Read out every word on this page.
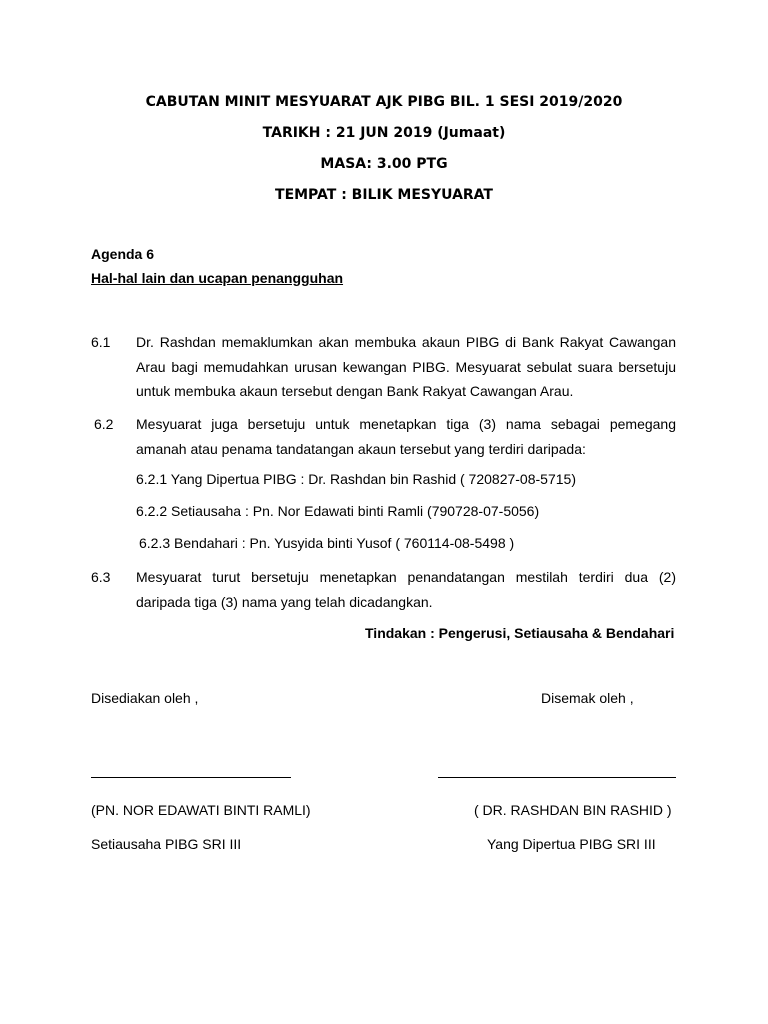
CABUTAN MINIT MESYUARAT AJK PIBG BIL. 1 SESI 2019/2020
TARIKH : 21 JUN 2019 (Jumaat)
MASA: 3.00 PTG
TEMPAT : BILIK MESYUARAT
Agenda 6
Hal-hal lain dan ucapan penangguhan
6.1 Dr. Rashdan memaklumkan akan membuka akaun PIBG di Bank Rakyat Cawangan Arau bagi memudahkan urusan kewangan PIBG. Mesyuarat sebulat suara bersetuju untuk membuka akaun tersebut dengan Bank Rakyat Cawangan Arau.
6.2 Mesyuarat juga bersetuju untuk menetapkan tiga (3) nama sebagai pemegang amanah atau penama tandatangan akaun tersebut yang terdiri daripada:
6.2.1 Yang Dipertua PIBG : Dr. Rashdan bin Rashid ( 720827-08-5715)
6.2.2 Setiausaha : Pn. Nor Edawati binti Ramli (790728-07-5056)
6.2.3 Bendahari : Pn. Yusyida binti Yusof ( 760114-08-5498 )
6.3 Mesyuarat turut bersetuju menetapkan penandatangan mestilah terdiri dua (2) daripada tiga (3) nama yang telah dicadangkan.
Tindakan : Pengerusi, Setiausaha & Bendahari
Disediakan oleh ,
(PN. NOR EDAWATI BINTI RAMLI)
Setiausaha PIBG SRI III
Disemak oleh ,
( DR. RASHDAN BIN RASHID )
Yang Dipertua PIBG SRI III
